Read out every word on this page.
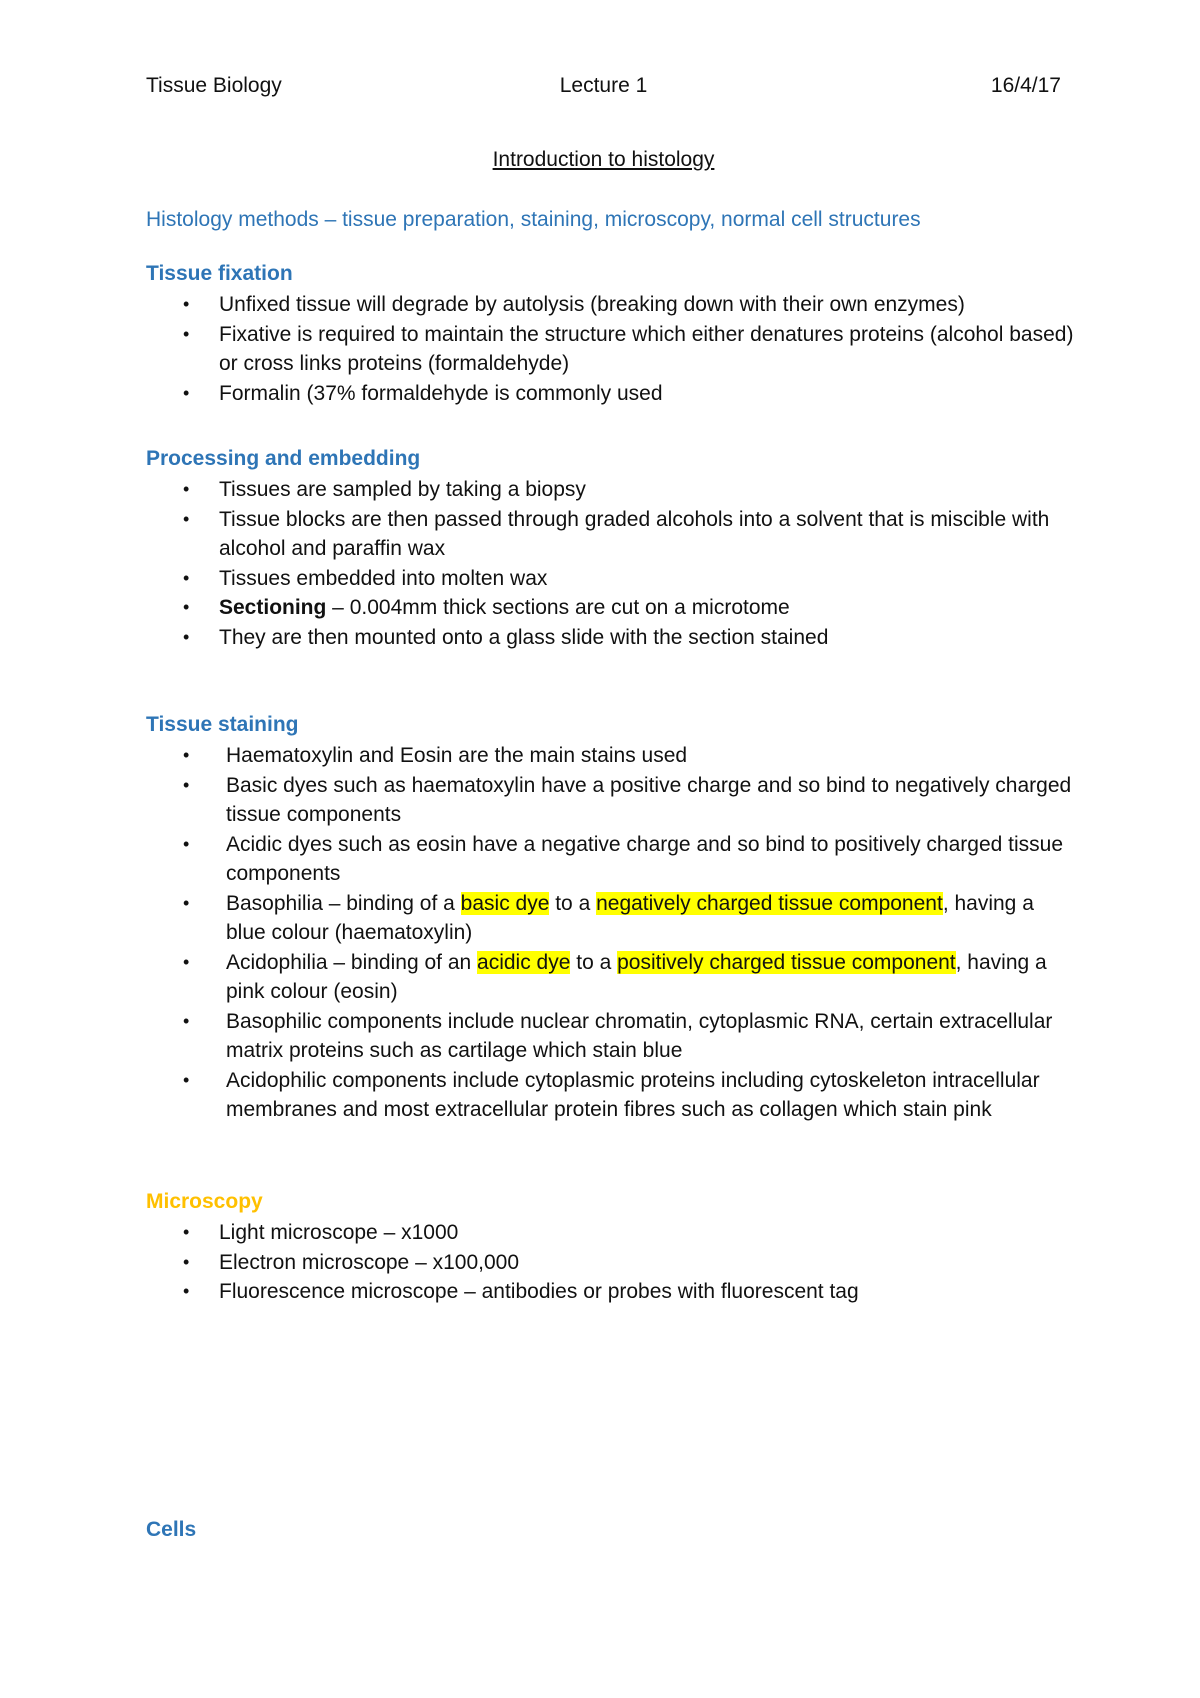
Tissue Biology	Lecture 1	16/4/17
Introduction to histology
Histology methods – tissue preparation, staining, microscopy, normal cell structures
Tissue fixation
• Unfixed tissue will degrade by autolysis (breaking down with their own enzymes)
• Fixative is required to maintain the structure which either denatures proteins (alcohol based) or cross links proteins (formaldehyde)
• Formalin (37% formaldehyde is commonly used
Processing and embedding
• Tissues are sampled by taking a biopsy
• Tissue blocks are then passed through graded alcohols into a solvent that is miscible with alcohol and paraffin wax
• Tissues embedded into molten wax
• Sectioning – 0.004mm thick sections are cut on a microtome
• They are then mounted onto a glass slide with the section stained
Tissue staining
• Haematoxylin and Eosin are the main stains used
• Basic dyes such as haematoxylin have a positive charge and so bind to negatively charged tissue components
• Acidic dyes such as eosin have a negative charge and so bind to positively charged tissue components
• Basophilia – binding of a basic dye to a negatively charged tissue component, having a blue colour (haematoxylin)
• Acidophilia – binding of an acidic dye to a positively charged tissue component, having a pink colour (eosin)
• Basophilic components include nuclear chromatin, cytoplasmic RNA, certain extracellular matrix proteins such as cartilage which stain blue
• Acidophilic components include cytoplasmic proteins including cytoskeleton intracellular membranes and most extracellular protein fibres such as collagen which stain pink
Microscopy
• Light microscope – x1000
• Electron microscope – x100,000
• Fluorescence microscope – antibodies or probes with fluorescent tag
Cells
